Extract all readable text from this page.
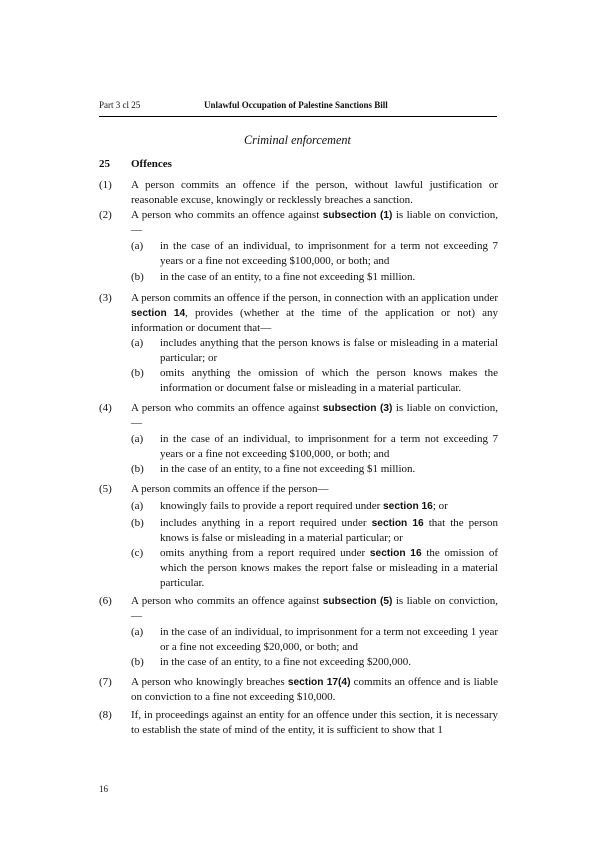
Part 3 cl 25	Unlawful Occupation of Palestine Sanctions Bill
Criminal enforcement
25 Offences
(1) A person commits an offence if the person, without lawful justification or reasonable excuse, knowingly or recklessly breaches a sanction.
(2) A person who commits an offence against subsection (1) is liable on conviction,—
(a) in the case of an individual, to imprisonment for a term not exceeding 7 years or a fine not exceeding $100,000, or both; and
(b) in the case of an entity, to a fine not exceeding $1 million.
(3) A person commits an offence if the person, in connection with an application under section 14, provides (whether at the time of the application or not) any information or document that—
(a) includes anything that the person knows is false or misleading in a material particular; or
(b) omits anything the omission of which the person knows makes the information or document false or misleading in a material particular.
(4) A person who commits an offence against subsection (3) is liable on conviction,—
(a) in the case of an individual, to imprisonment for a term not exceeding 7 years or a fine not exceeding $100,000, or both; and
(b) in the case of an entity, to a fine not exceeding $1 million.
(5) A person commits an offence if the person—
(a) knowingly fails to provide a report required under section 16; or
(b) includes anything in a report required under section 16 that the person knows is false or misleading in a material particular; or
(c) omits anything from a report required under section 16 the omission of which the person knows makes the report false or misleading in a material particular.
(6) A person who commits an offence against subsection (5) is liable on conviction,—
(a) in the case of an individual, to imprisonment for a term not exceeding 1 year or a fine not exceeding $20,000, or both; and
(b) in the case of an entity, to a fine not exceeding $200,000.
(7) A person who knowingly breaches section 17(4) commits an offence and is liable on conviction to a fine not exceeding $10,000.
(8) If, in proceedings against an entity for an offence under this section, it is necessary to establish the state of mind of the entity, it is sufficient to show that 1
16
